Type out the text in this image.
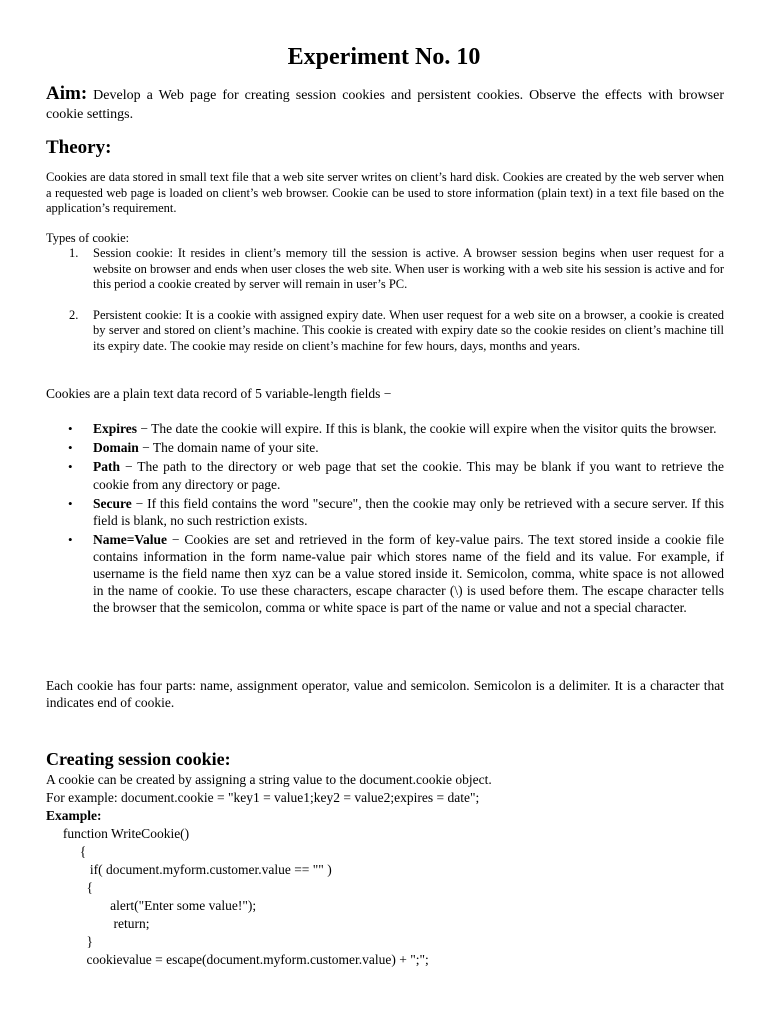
Experiment No. 10

Aim: Develop a Web page for creating session cookies and persistent cookies. Observe the effects with browser cookie settings.

Theory:

Cookies are data stored in small text file that a web site server writes on client’s hard disk. Cookies are created by the web server when a requested web page is loaded on client’s web browser. Cookie can be used to store information (plain text) in a text file based on the application’s requirement.

Types of cookie:

1. Session cookie: It resides in client’s memory till the session is active. A browser session begins when user request for a website on browser and ends when user closes the web site. When user is working with a web site his session is active and for this period a cookie created by server will remain in user’s PC.
2. Persistent cookie: It is a cookie with assigned expiry date. When user request for a web site on a browser, a cookie is created by server and stored on client’s machine. This cookie is created with expiry date so the cookie resides on client’s machine till its expiry date. The cookie may reside on client’s machine for few hours, days, months and years.

Cookies are a plain text data record of 5 variable-length fields −

• Expires − The date the cookie will expire. If this is blank, the cookie will expire when the visitor quits the browser.
• Domain − The domain name of your site.
• Path − The path to the directory or web page that set the cookie. This may be blank if you want to retrieve the cookie from any directory or page.
• Secure − If this field contains the word "secure", then the cookie may only be retrieved with a secure server. If this field is blank, no such restriction exists.
• Name=Value − Cookies are set and retrieved in the form of key-value pairs. The text stored inside a cookie file contains information in the form name-value pair which stores name of the field and its value. For example, if username is the field name then xyz can be a value stored inside it. Semicolon, comma, white space is not allowed in the name of cookie. To use these characters, escape character (\) is used before them. The escape character tells the browser that the semicolon, comma or white space is part of the name or value and not a special character.

Each cookie has four parts: name, assignment operator, value and semicolon. Semicolon is a delimiter. It is a character that indicates end of cookie.

Creating session cookie:
A cookie can be created by assigning a string value to the document.cookie object.
For example: document.cookie = "key1 = value1;key2 = value2;expires = date";
Example:
function WriteCookie()
{
if( document.myform.customer.value == "" )
{
alert("Enter some value!");
return;
}
cookievalue = escape(document.myform.customer.value) + ";";
